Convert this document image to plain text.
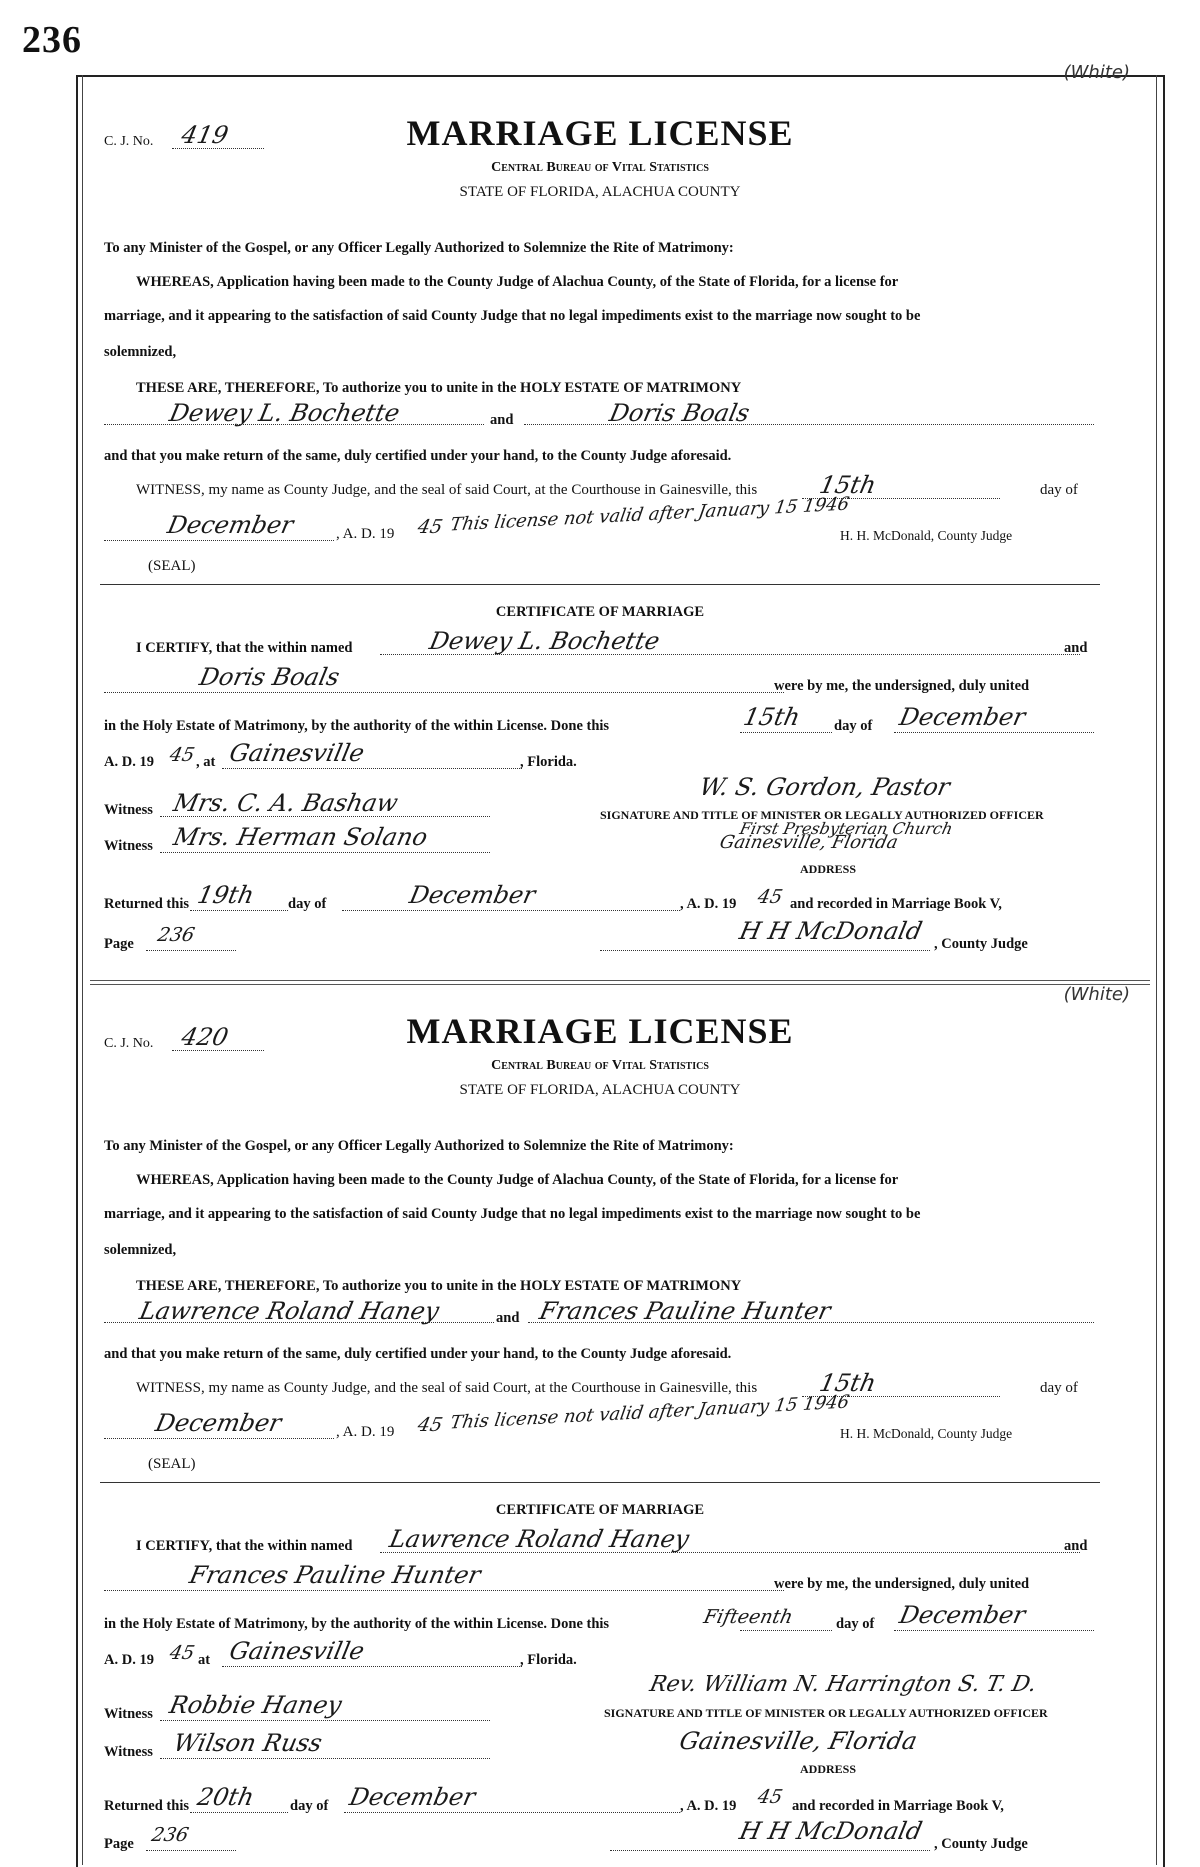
236
(White)
C. J. No. 419	MARRIAGE LICENSE
Central Bureau of Vital Statistics
STATE OF FLORIDA, ALACHUA COUNTY
To any Minister of the Gospel, or any Officer Legally Authorized to Solemnize the Rite of Matrimony:
WHEREAS, Application having been made to the County Judge of Alachua County, of the State of Florida, for a license for
marriage, and it appearing to the satisfaction of said County Judge that no legal impediments exist to the marriage now sought to be
solemnized,
THESE ARE, THEREFORE, To authorize you to unite in the HOLY ESTATE OF MATRIMONY
Dewey L. Bochette	and	Doris Boals
and that you make return of the same, duly certified under your hand, to the County Judge aforesaid.
WITNESS, my name as County Judge, and the seal of said Court, at the Courthouse in Gainesville, this 15th	day of
December	, A. D. 19 45 This license not valid after January 15 1946
H. H. McDonald, County Judge
(SEAL)
CERTIFICATE OF MARRIAGE
I CERTIFY, that the within named	Dewey L. Bochette	and
Doris Boals	were by me, the undersigned, duly united
in the Holy Estate of Matrimony, by the authority of the within License. Done this	15th day of December
A. D. 19 45 , at Gainesville	, Florida.
W. S. Gordon, Pastor
Witness Mrs. C. A. Bashaw	SIGNATURE AND TITLE OF MINISTER OR LEGALLY AUTHORIZED OFFICER
First Presbyterian Church
Witness Mrs. Herman Solano	Gainesville, Florida
ADDRESS
Returned this 19th day of	December	, A. D. 19 45 and recorded in Marriage Book V,
Page 236	H H McDonald , County Judge
(White)
C. J. No. 420	MARRIAGE LICENSE
Central Bureau of Vital Statistics
STATE OF FLORIDA, ALACHUA COUNTY
To any Minister of the Gospel, or any Officer Legally Authorized to Solemnize the Rite of Matrimony:
WHEREAS, Application having been made to the County Judge of Alachua County, of the State of Florida, for a license for
marriage, and it appearing to the satisfaction of said County Judge that no legal impediments exist to the marriage now sought to be
solemnized,
THESE ARE, THEREFORE, To authorize you to unite in the HOLY ESTATE OF MATRIMONY
Lawrence Roland Haney	and Frances Pauline Hunter
and that you make return of the same, duly certified under your hand, to the County Judge aforesaid.
WITNESS, my name as County Judge, and the seal of said Court, at the Courthouse in Gainesville, this 15th	day of
December	, A. D. 19 45 This license not valid after January 15 1946
H. H. McDonald, County Judge
(SEAL)
CERTIFICATE OF MARRIAGE
I CERTIFY, that the within named Lawrence Roland Haney	and
Frances Pauline Hunter	were by me, the undersigned, duly united
in the Holy Estate of Matrimony, by the authority of the within License. Done this	Fifteenth	day of December
A. D. 19 45 at Gainesville	, Florida.
Rev. William N. Harrington S. T. D.
Witness Robbie Haney	SIGNATURE AND TITLE OF MINISTER OR LEGALLY AUTHORIZED OFFICER
Witness Wilson Russ	Gainesville, Florida
ADDRESS
Returned this 20th day of December	, A. D. 19 45 and recorded in Marriage Book V,
Page 236	H H McDonald , County Judge
